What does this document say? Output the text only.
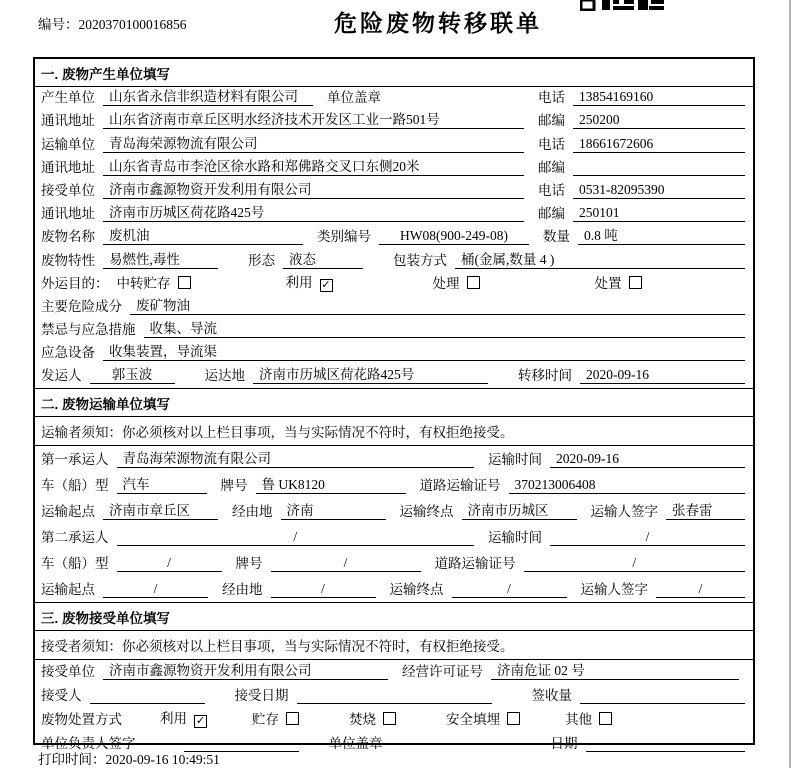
编号：2020370100016856	危险废物转移联单
一. 废物产生单位填写
产生单位	山东省永信非织造材料有限公司	单位盖章	电话	13854169160
通讯地址	山东省济南市章丘区明水经济技术开发区工业一路501号	邮编	250200
运输单位	青岛海荣源物流有限公司	电话	18661672606
通讯地址	山东省青岛市李沧区徐水路和郑佛路交叉口东侧20米	邮编
接受单位	济南市鑫源物资开发利用有限公司	电话	0531-82095390
通讯地址	济南市历城区荷花路425号	邮编	250101
废物名称	废机油	类别编号	HW08(900-249-08)	数量	0.8 吨
废物特性	易燃性,毒性	形态	液态	包装方式	桶(金属,数量 4 )
外运目的： 中转贮存	利用 ✓	处理	处置
主要危险成分	废矿物油
禁忌与应急措施	收集、导流
应急设备	收集装置，导流渠
发运人	郭玉波	运达地	济南市历城区荷花路425号	转移时间	2020-09-16
二. 废物运输单位填写
运输者须知：你必须核对以上栏目事项，当与实际情况不符时，有权拒绝接受。
第一承运人	青岛海荣源物流有限公司	运输时间	2020-09-16
车（船）型	汽车	牌号	鲁 UK8120	道路运输证号	370213006408
运输起点	济南市章丘区	经由地	济南	运输终点	济南市历城区	运输人签字	张春雷
第二承运人	/	运输时间	/
车（船）型	/	牌号	/	道路运输证号	/
运输起点	/	经由地	/	运输终点	/	运输人签字	/
三. 废物接受单位填写
接受者须知：你必须核对以上栏目事项，当与实际情况不符时，有权拒绝接受。
接受单位	济南市鑫源物资开发利用有限公司	经营许可证号	济南危证 02 号
接受人	接受日期	签收量
废物处置方式	利用 ✓	贮存	焚烧	安全填埋	其他
单位负责人签字	单位盖章	日期
打印时间：2020-09-16 10:49:51
